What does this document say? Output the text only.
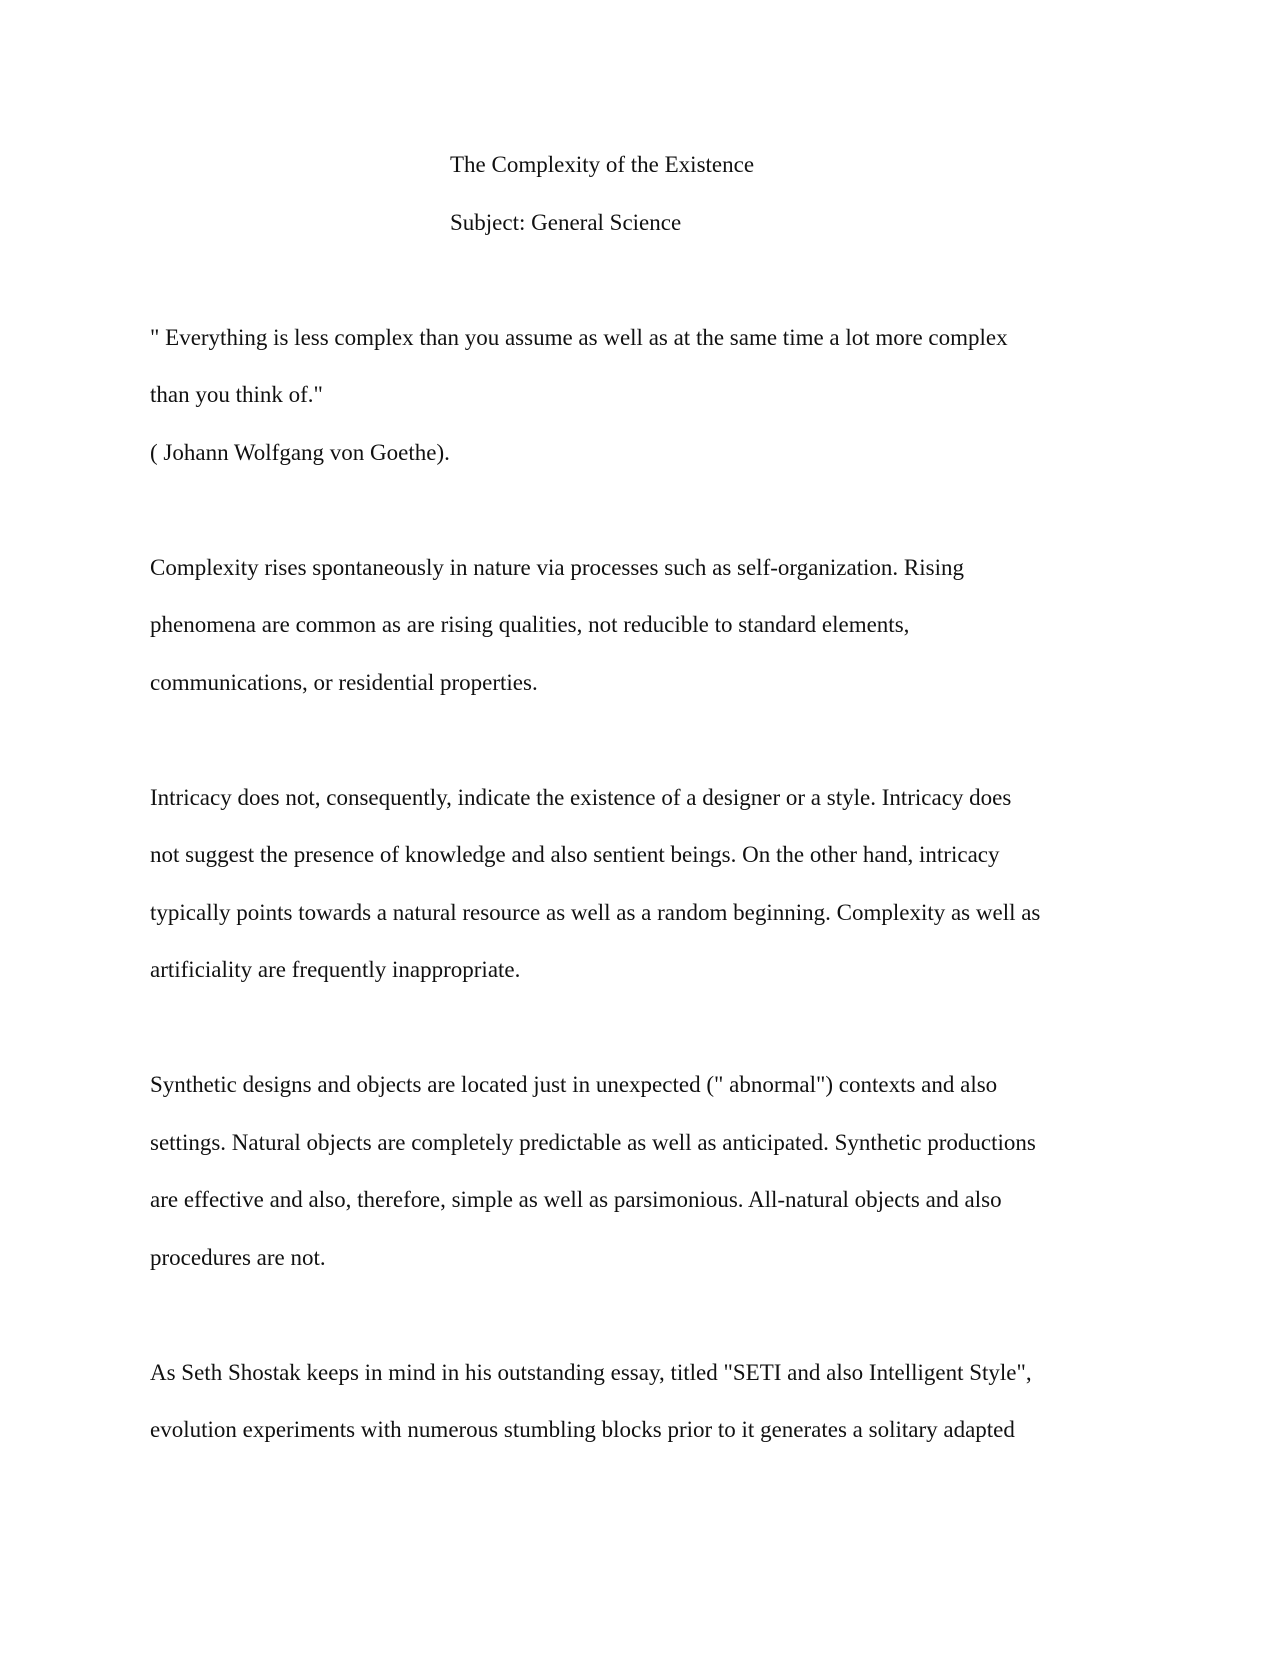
The Complexity of the Existence
Subject: General Science
" Everything is less complex than you assume as well as at the same time a lot more complex
than you think of."
( Johann Wolfgang von Goethe).
Complexity rises spontaneously in nature via processes such as self-organization. Rising
phenomena are common as are rising qualities, not reducible to standard elements,
communications, or residential properties.
Intricacy does not, consequently, indicate the existence of a designer or a style. Intricacy does
not suggest the presence of knowledge and also sentient beings. On the other hand, intricacy
typically points towards a natural resource as well as a random beginning. Complexity as well as
artificiality are frequently inappropriate.
Synthetic designs and objects are located just in unexpected (" abnormal") contexts and also
settings. Natural objects are completely predictable as well as anticipated. Synthetic productions
are effective and also, therefore, simple as well as parsimonious. All-natural objects and also
procedures are not.
As Seth Shostak keeps in mind in his outstanding essay, titled "SETI and also Intelligent Style",
evolution experiments with numerous stumbling blocks prior to it generates a solitary adapted
